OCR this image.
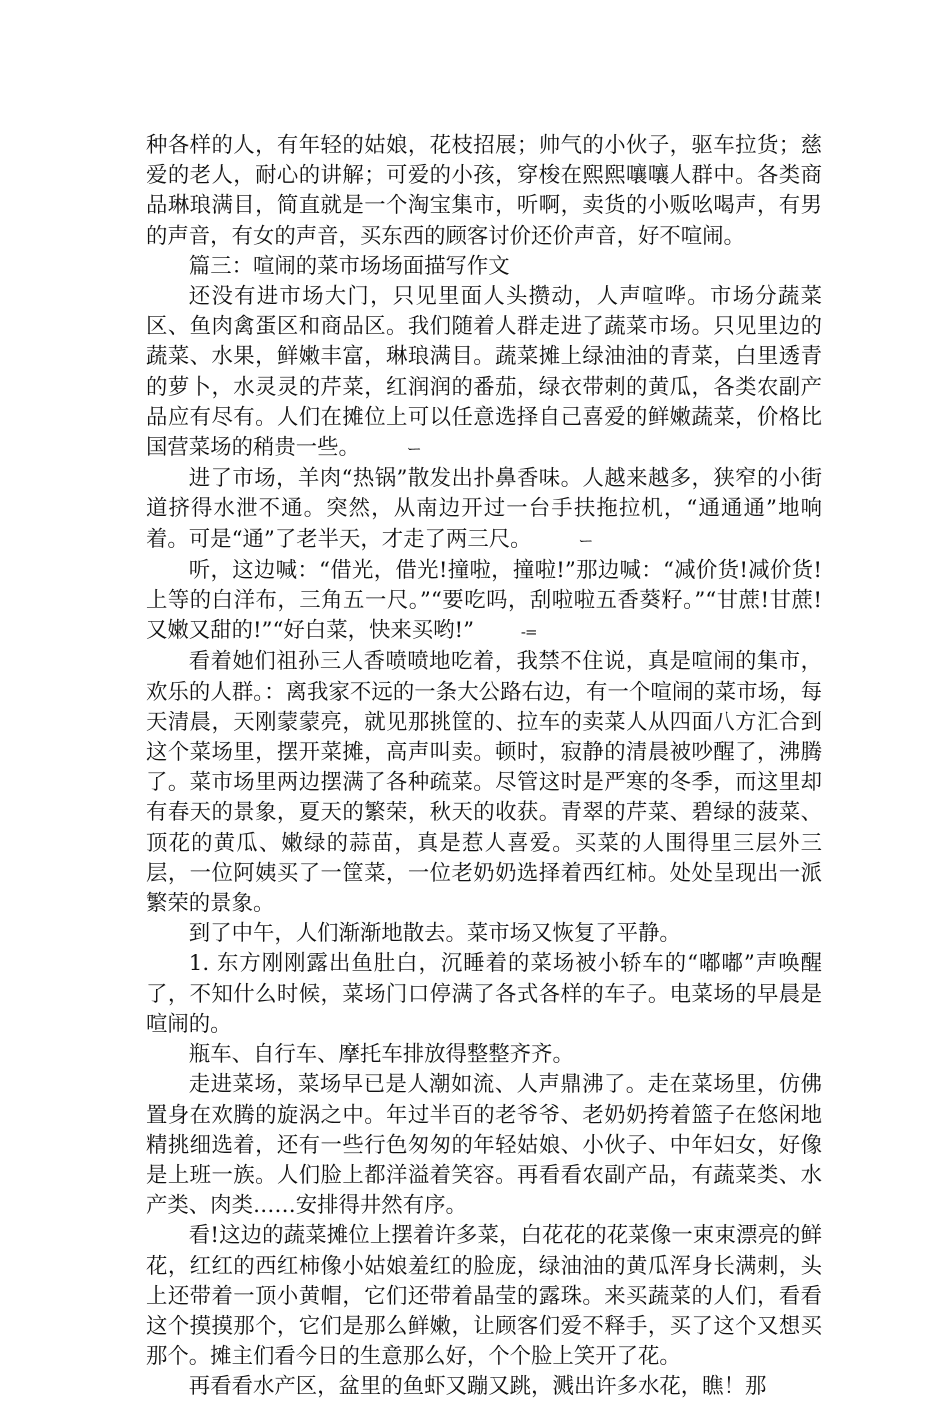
种各样的人，有年轻的姑娘，花枝招展；帅气的小伙子，驱车拉货；慈爱的老人，耐心的讲解；可爱的小孩，穿梭在熙熙嚷嚷人群中。各类商品琳琅满目，简直就是一个淘宝集市，听啊，卖货的小贩吆喝声，有男的声音，有女的声音，买东西的顾客讨价还价声音，好不喧闹。

篇三：喧闹的菜市场场面描写作文

还没有进市场大门，只见里面人头攒动，人声喧哗。市场分蔬菜区、鱼肉禽蛋区和商品区。我们随着人群走进了蔬菜市场。只见里边的蔬菜、水果，鲜嫩丰富，琳琅满目。蔬菜摊上绿油油的青菜，白里透青的萝卜，水灵灵的芹菜，红润润的番茄，绿衣带刺的黄瓜，各类农副产品应有尽有。人们在摊位上可以任意选择自己喜爱的鲜嫩蔬菜，价格比国营菜场的稍贵一些。	ー

进了市场，羊肉“热锅”散发出扑鼻香味。人越来越多，狭窄的小街道挤得水泄不通。突然，从南边开过一台手扶拖拉机，“通通通”地响着。可是“通”了老半天，才走了两三尺。	ー

听，这边喊：“借光，借光!撞啦，撞啦!”那边喊：“减价货!减价货!上等的白洋布，三角五一尺。”“要吃吗，刮啦啦五香葵籽。”“甘蔗!甘蔗!又嫩又甜的!”“好白菜，快来买哟!”	-=

看着她们祖孙三人香喷喷地吃着，我禁不住说，真是喧闹的集市，欢乐的人群。：离我家不远的一条大公路右边，有一个喧闹的菜市场，每天清晨，天刚蒙蒙亮，就见那挑筐的、拉车的卖菜人从四面八方汇合到这个菜场里，摆开菜摊，高声叫卖。顿时，寂静的清晨被吵醒了，沸腾了。菜市场里两边摆满了各种疏菜。尽管这时是严寒的冬季，而这里却有春天的景象，夏天的繁荣，秋天的收获。青翠的芹菜、碧绿的菠菜、顶花的黄瓜、嫩绿的蒜苗，真是惹人喜爱。买菜的人围得里三层外三层，一位阿姨买了一筐菜，一位老奶奶选择着西红柿。处处呈现出一派繁荣的景象。

到了中午，人们渐渐地散去。菜市场又恢复了平静。

1. 东方刚刚露出鱼肚白，沉睡着的菜场被小轿车的“嘟嘟”声唤醒了，不知什么时候，菜场门口停满了各式各样的车子。电菜场的早晨是喧闹的。

瓶车、自行车、摩托车排放得整整齐齐。

走进菜场，菜场早已是人潮如流、人声鼎沸了。走在菜场里，仿佛置身在欢腾的旋涡之中。年过半百的老爷爷、老奶奶挎着篮子在悠闲地精挑细选着，还有一些行色匆匆的年轻姑娘、小伙子、中年妇女，好像是上班一族。人们脸上都洋溢着笑容。再看看农副产品，有蔬菜类、水产类、肉类……安排得井然有序。

看!这边的蔬菜摊位上摆着许多菜，白花花的花菜像一束束漂亮的鲜花，红红的西红柿像小姑娘羞红的脸庞，绿油油的黄瓜浑身长满刺，头上还带着一顶小黄帽，它们还带着晶莹的露珠。来买蔬菜的人们，看看这个摸摸那个，它们是那么鲜嫩，让顾客们爱不释手，买了这个又想买那个。摊主们看今日的生意那么好，个个脸上笑开了花。

再看看水产区，盆里的鱼虾又蹦又跳，溅出许多水花，瞧！那
